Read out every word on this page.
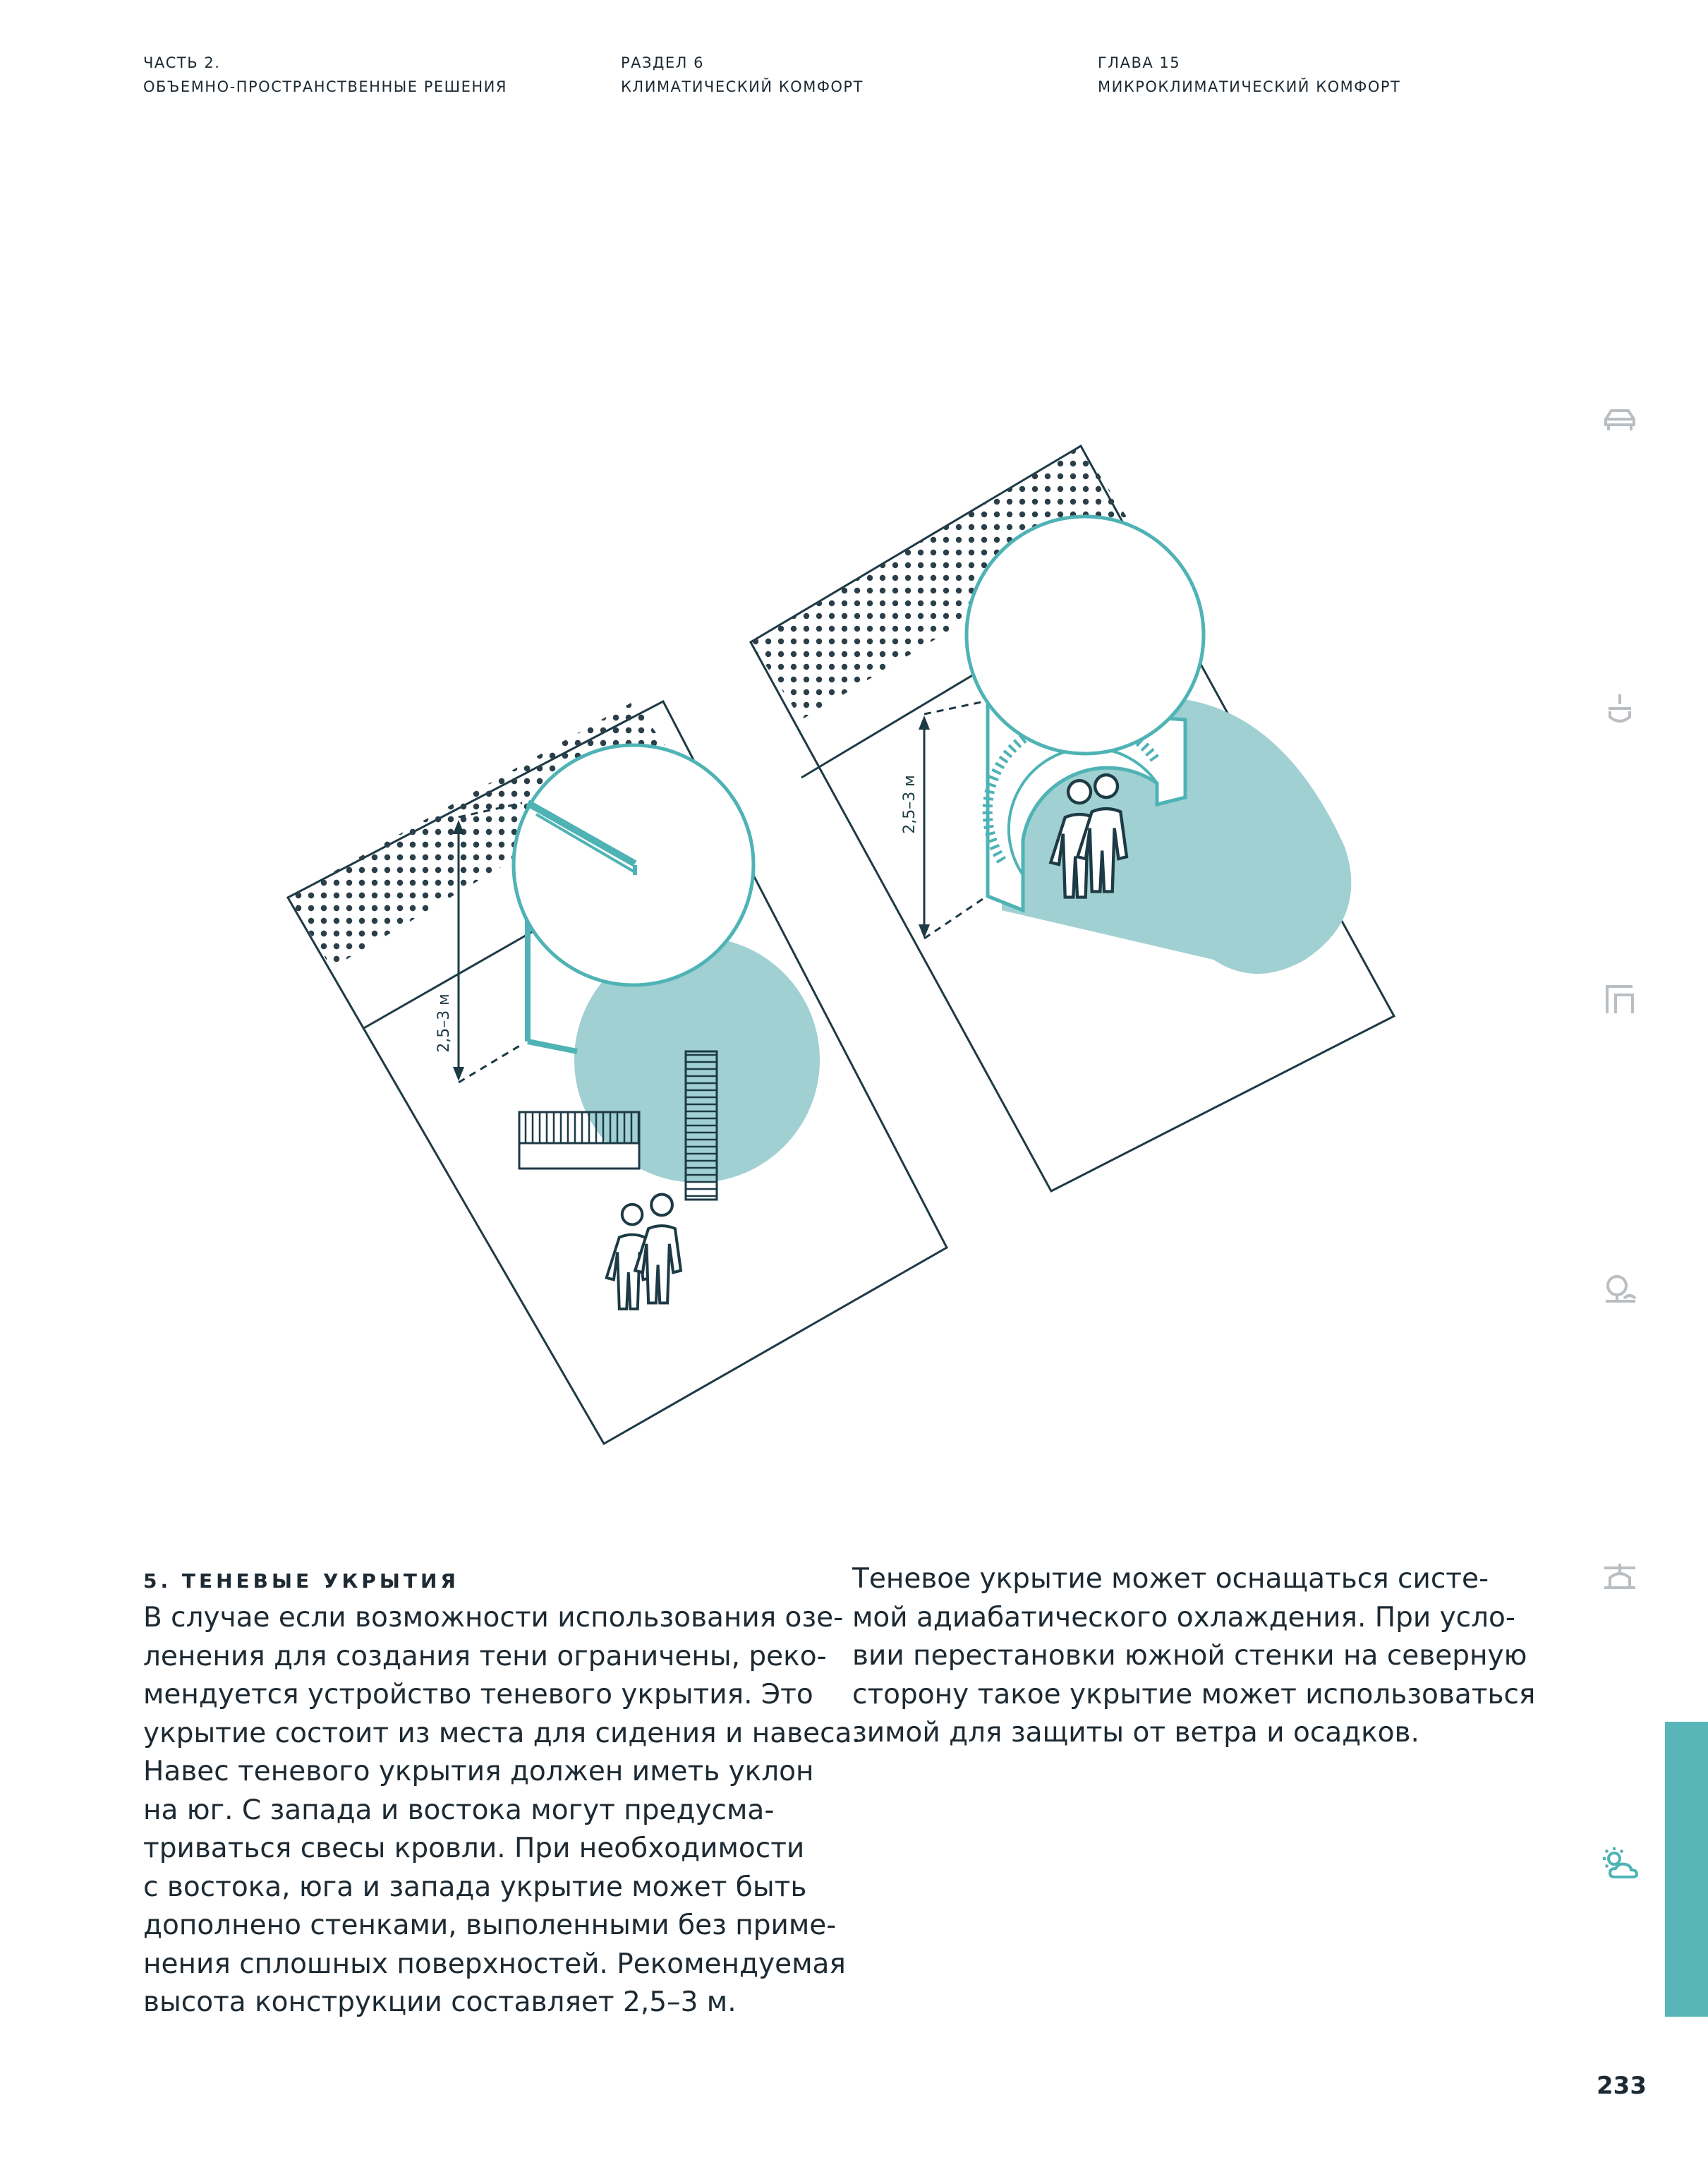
ЧАСТЬ 2.
ОБЪЕМНО-ПРОСТРАНСТВЕННЫЕ РЕШЕНИЯ
РАЗДЕЛ 6
КЛИМАТИЧЕСКИЙ КОМФОРТ
ГЛАВА 15
МИКРОКЛИМАТИЧЕСКИЙ КОМФОРТ
2,5–3 м
2,5–3 м
5. ТЕНЕВЫЕ УКРЫТИЯ
В случае если возможности использования озе-
ленения для создания тени ограничены, реко-
мендуется устройство теневого укрытия. Это
укрытие состоит из места для сидения и навеса.
Навес теневого укрытия должен иметь уклон
на юг. С запада и востока могут предусма-
триваться свесы кровли. При необходимости
с востока, юга и запада укрытие может быть
дополнено стенками, выполенными без приме-
нения сплошных поверхностей. Рекомендуемая
высота конструкции составляет 2,5–3 м.
Теневое укрытие может оснащаться систе-
мой адиабатического охлаждения. При усло-
вии перестановки южной стенки на северную
сторону такое укрытие может использоваться
зимой для защиты от ветра и осадков.
233
